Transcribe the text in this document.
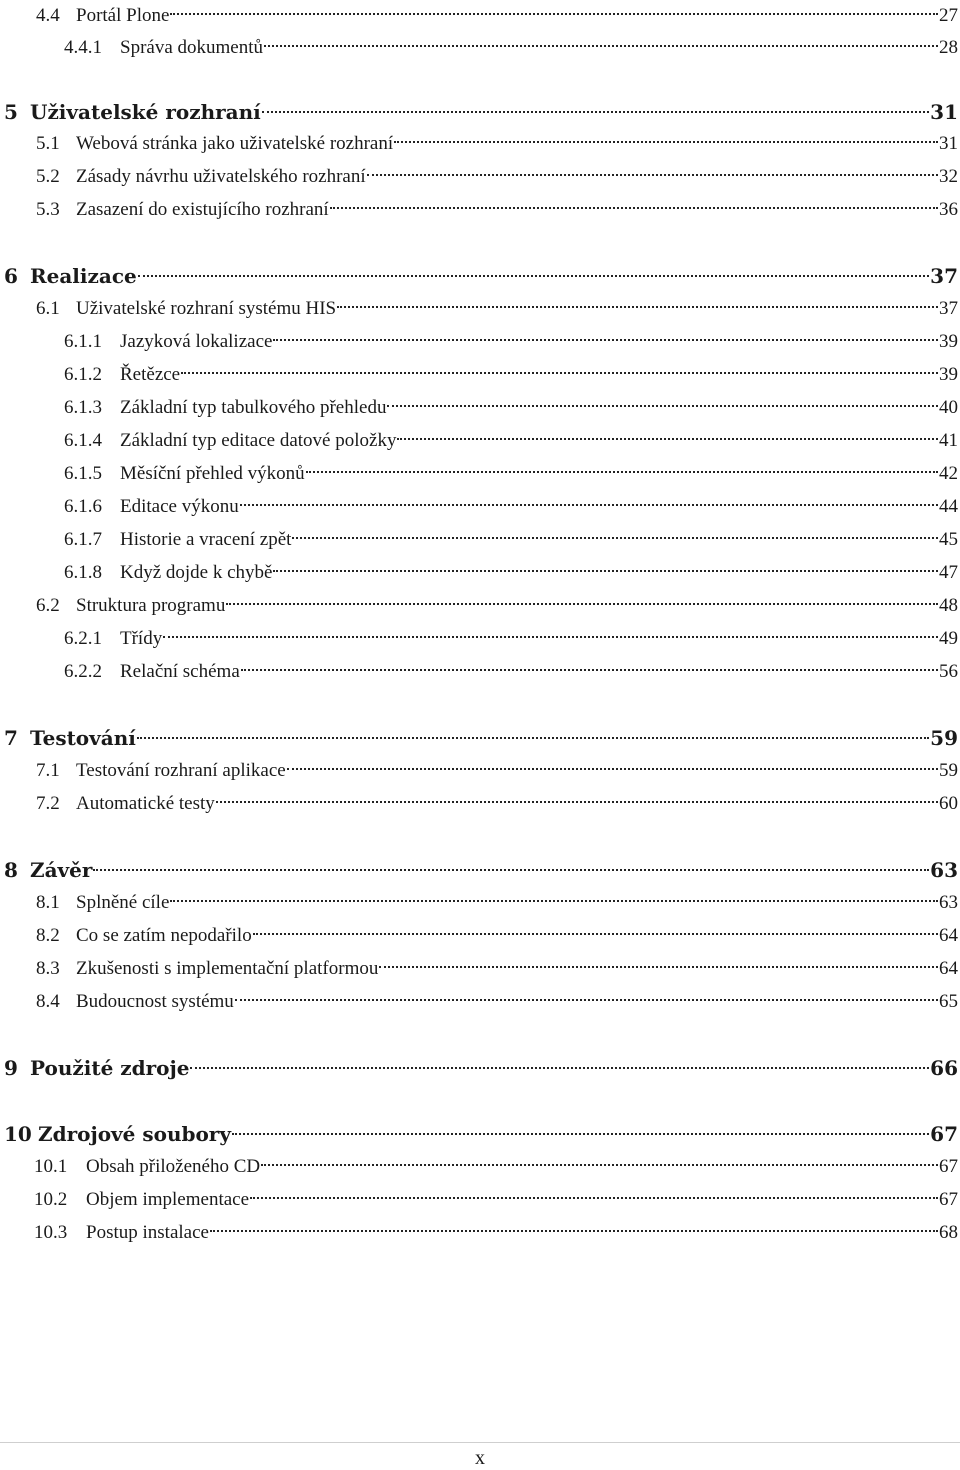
4.4 Portál Plone	27
4.4.1 Správa dokumentů	28
5 Uživatelské rozhraní	31
5.1 Webová stránka jako uživatelské rozhraní	31
5.2 Zásady návrhu uživatelského rozhraní	32
5.3 Zasazení do existujícího rozhraní	36
6 Realizace	37
6.1 Uživatelské rozhraní systému HIS	37
6.1.1 Jazyková lokalizace	39
6.1.2 Řetězce	39
6.1.3 Základní typ tabulkového přehledu	40
6.1.4 Základní typ editace datové položky	41
6.1.5 Měsíční přehled výkonů	42
6.1.6 Editace výkonu	44
6.1.7 Historie a vracení zpět	45
6.1.8 Když dojde k chybě	47
6.2 Struktura programu	48
6.2.1 Třídy	49
6.2.2 Relační schéma	56
7 Testování	59
7.1 Testování rozhraní aplikace	59
7.2 Automatické testy	60
8 Závěr	63
8.1 Splněné cíle	63
8.2 Co se zatím nepodařilo	64
8.3 Zkušenosti s implementační platformou	64
8.4 Budoucnost systému	65
9 Použité zdroje	66
10 Zdrojové soubory	67
10.1 Obsah přiloženého CD	67
10.2 Objem implementace	67
10.3 Postup instalace	68
x
